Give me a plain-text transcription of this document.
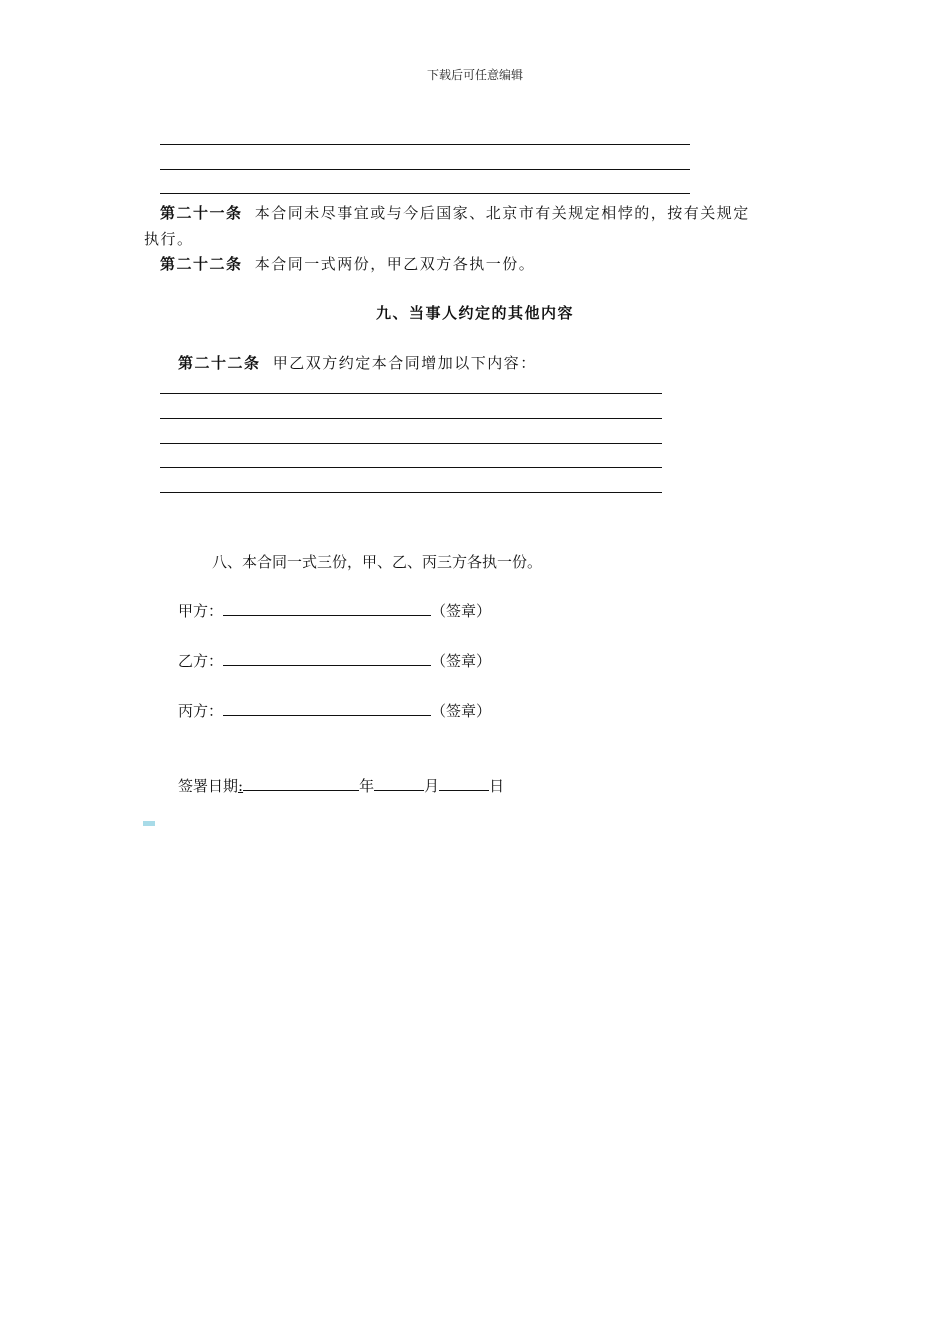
下载后可任意编辑
第二十一条 本合同未尽事宜或与今后国家、北京市有关规定相悖的，按有关规定
执行。
第二十二条 本合同一式两份，甲乙双方各执一份。
九、当事人约定的其他内容
第二十二条 甲乙双方约定本合同增加以下内容：
八、本合同一式三份，甲、乙、丙三方各执一份。
甲方：	（签章）
乙方：	（签章）
丙方：	（签章）
签署日期:	年	月	日
